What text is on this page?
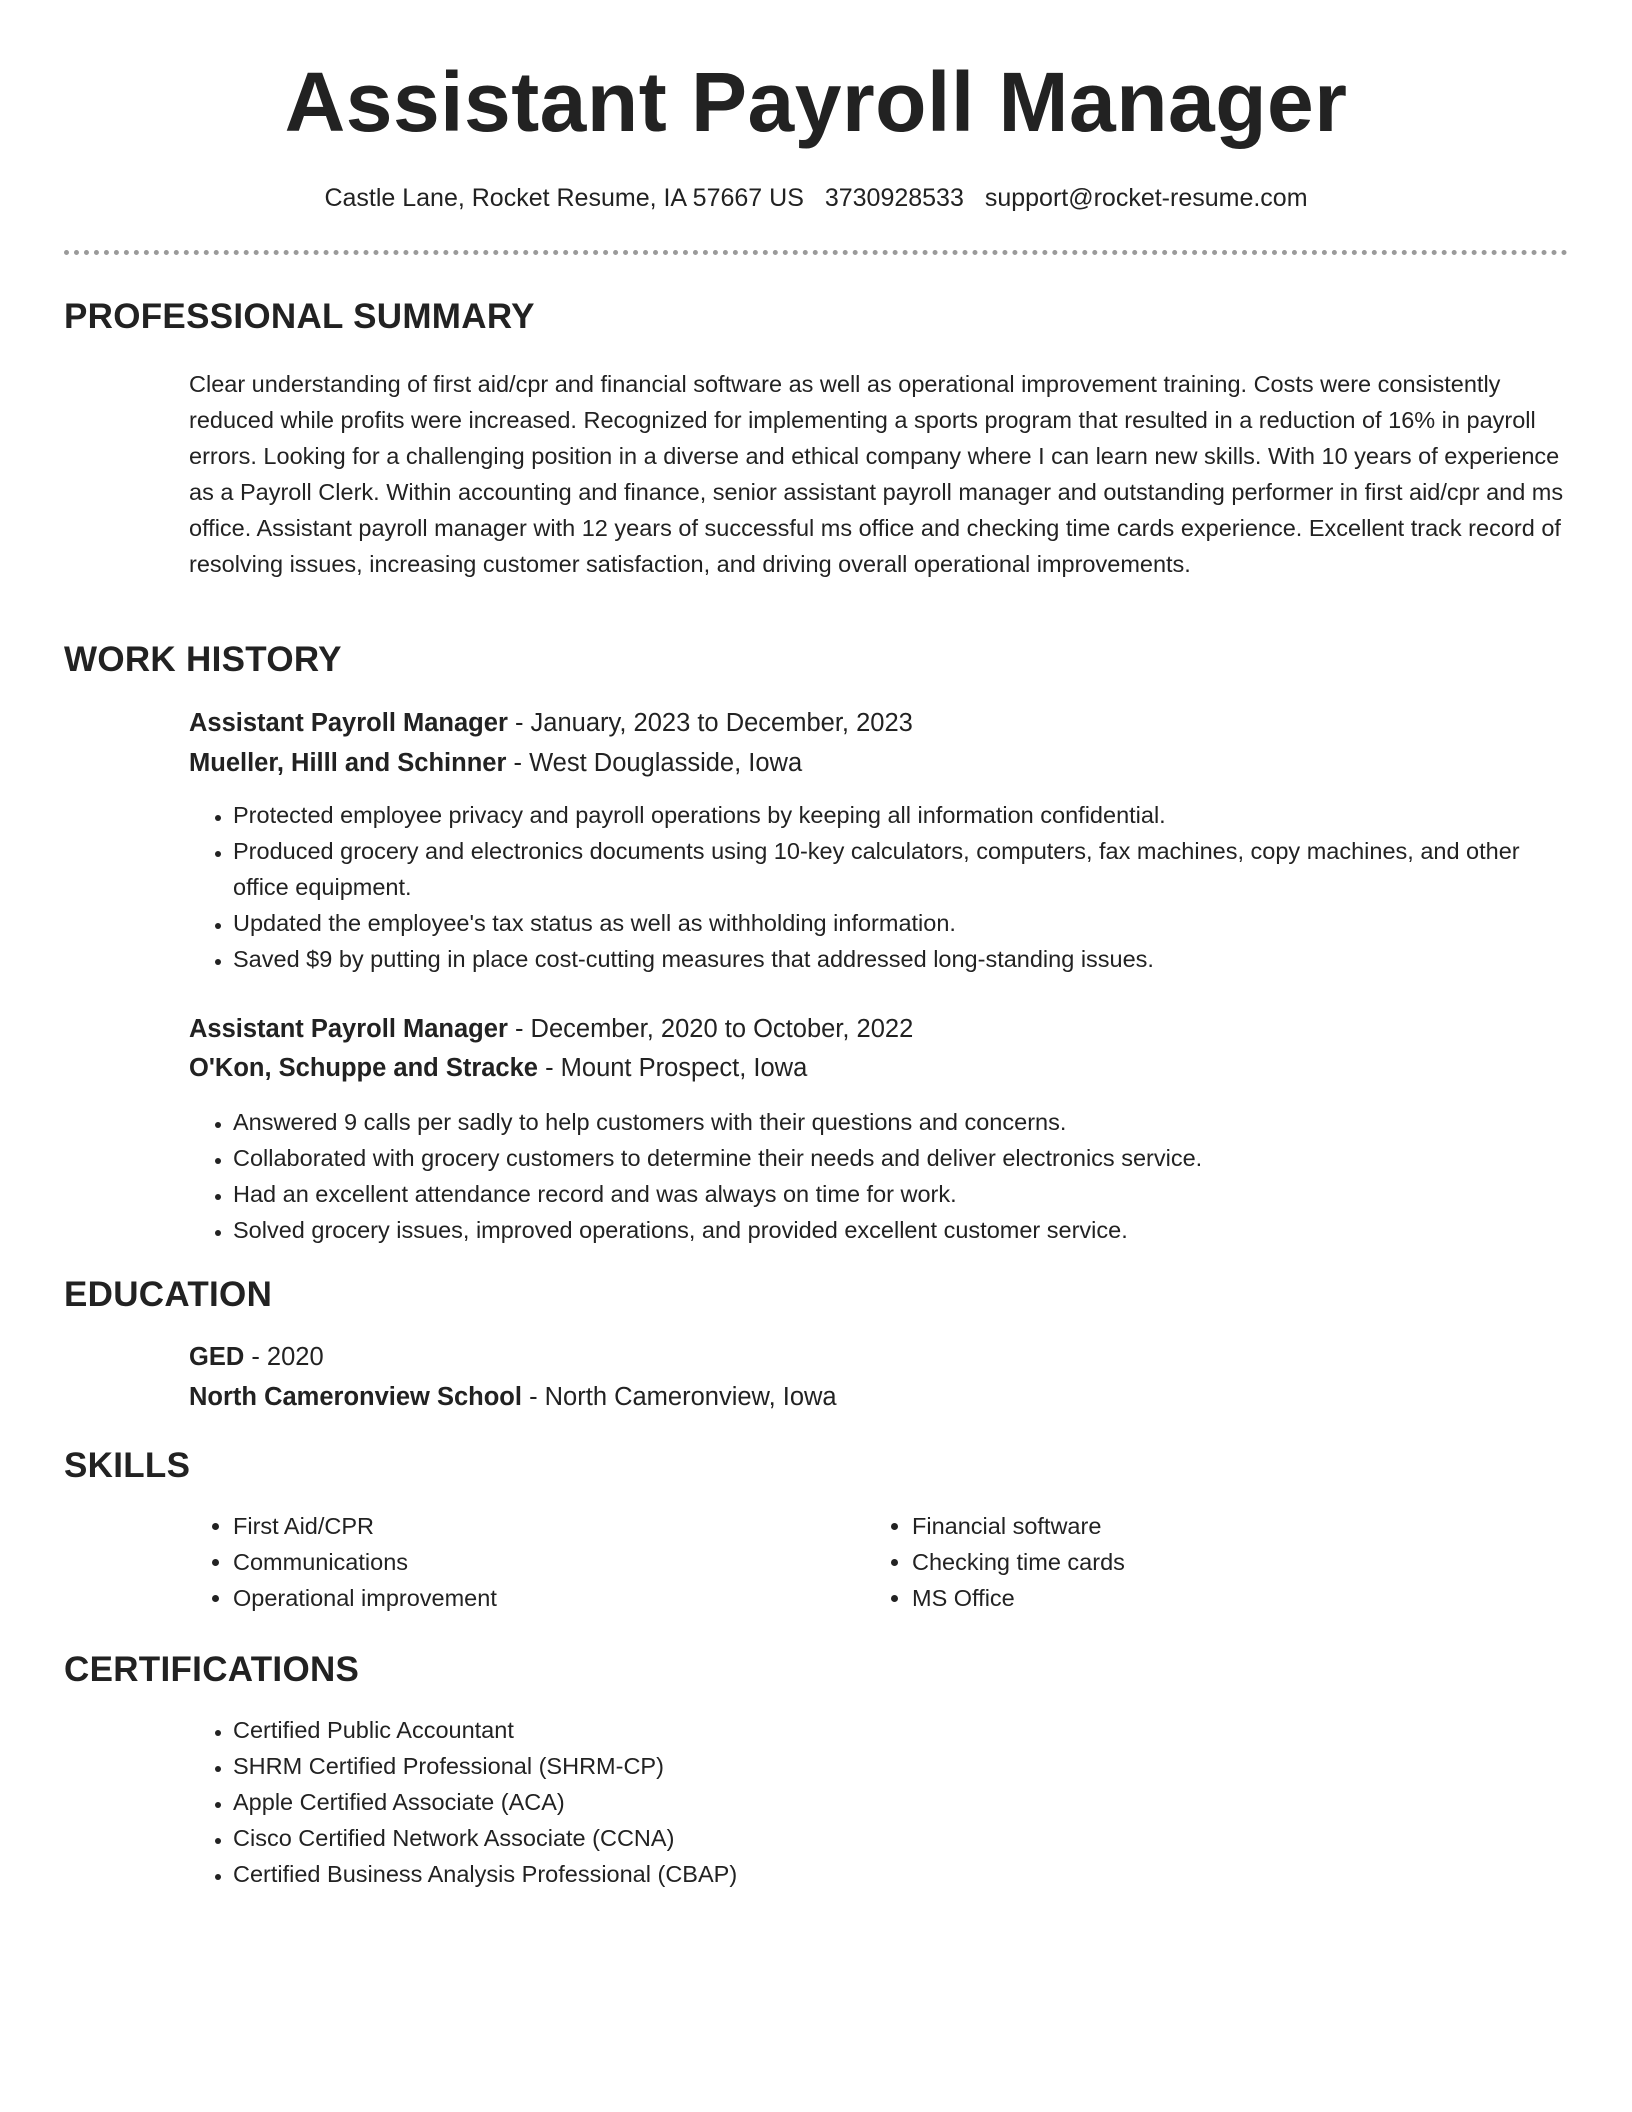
Assistant Payroll Manager
Castle Lane, Rocket Resume, IA 57667 US 3730928533 support@rocket-resume.com
PROFESSIONAL SUMMARY
Clear understanding of first aid/cpr and financial software as well as operational improvement training. Costs were consistently reduced while profits were increased. Recognized for implementing a sports program that resulted in a reduction of 16% in payroll errors. Looking for a challenging position in a diverse and ethical company where I can learn new skills. With 10 years of experience as a Payroll Clerk. Within accounting and finance, senior assistant payroll manager and outstanding performer in first aid/cpr and ms office. Assistant payroll manager with 12 years of successful ms office and checking time cards experience. Excellent track record of resolving issues, increasing customer satisfaction, and driving overall operational improvements.
WORK HISTORY
Assistant Payroll Manager - January, 2023 to December, 2023
Mueller, Hilll and Schinner - West Douglasside, Iowa
• Protected employee privacy and payroll operations by keeping all information confidential.
• Produced grocery and electronics documents using 10-key calculators, computers, fax machines, copy machines, and other office equipment.
• Updated the employee's tax status as well as withholding information.
• Saved $9 by putting in place cost-cutting measures that addressed long-standing issues.
Assistant Payroll Manager - December, 2020 to October, 2022
O'Kon, Schuppe and Stracke - Mount Prospect, Iowa
• Answered 9 calls per sadly to help customers with their questions and concerns.
• Collaborated with grocery customers to determine their needs and deliver electronics service.
• Had an excellent attendance record and was always on time for work.
• Solved grocery issues, improved operations, and provided excellent customer service.
EDUCATION
GED - 2020
North Cameronview School - North Cameronview, Iowa
SKILLS
• First Aid/CPR
• Communications
• Operational improvement
• Financial software
• Checking time cards
• MS Office
CERTIFICATIONS
• Certified Public Accountant
• SHRM Certified Professional (SHRM-CP)
• Apple Certified Associate (ACA)
• Cisco Certified Network Associate (CCNA)
• Certified Business Analysis Professional (CBAP)
